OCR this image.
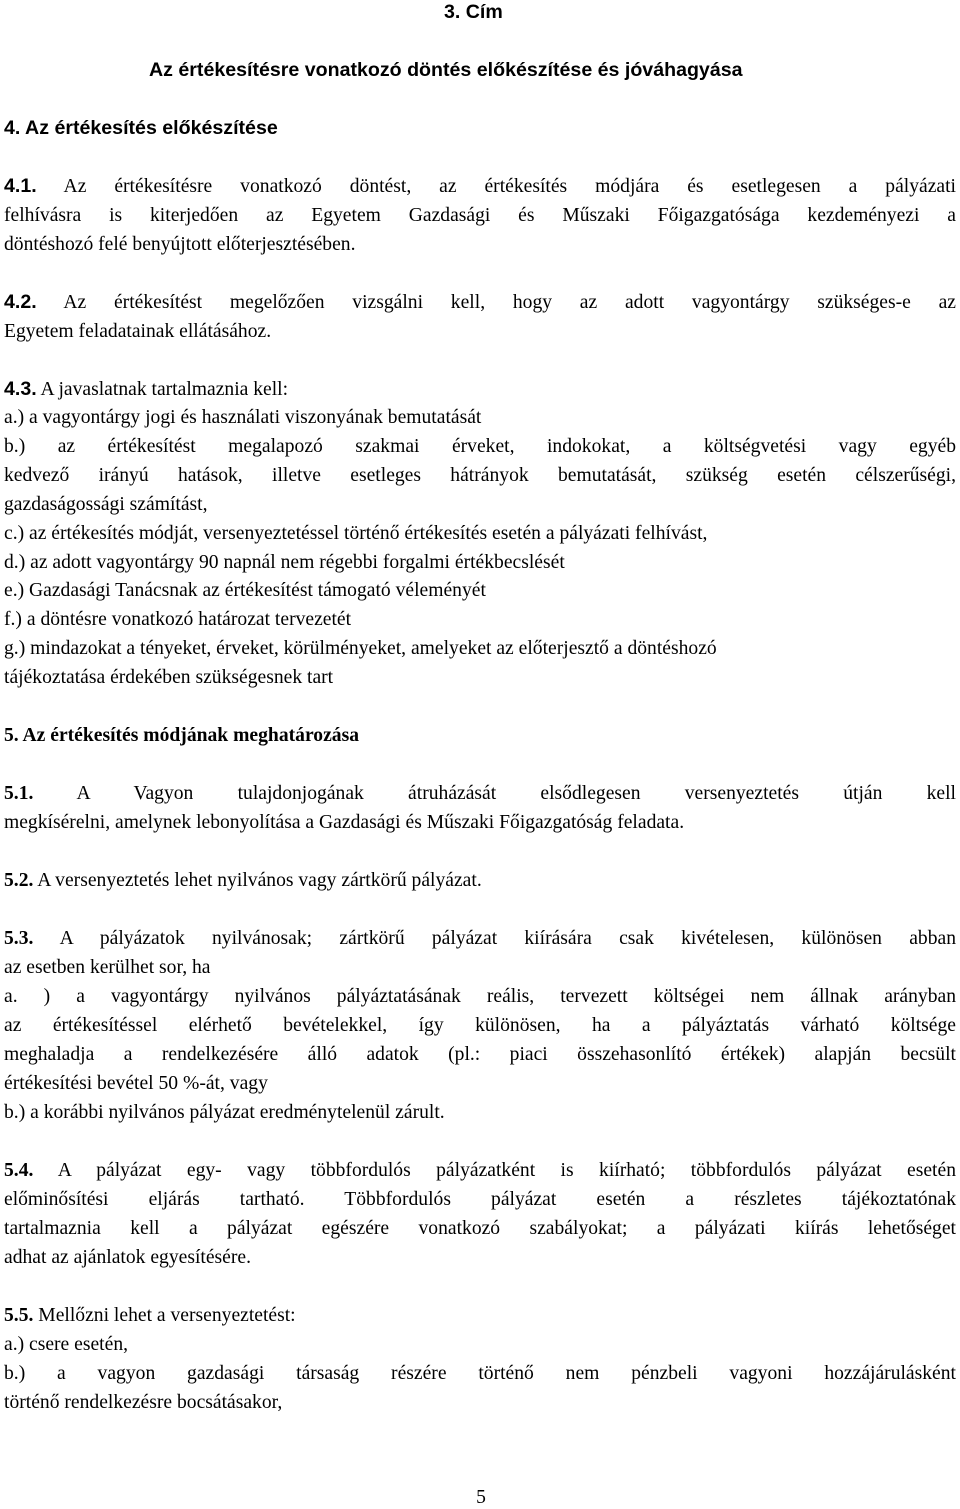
3. Cím
Az értékesítésre vonatkozó döntés előkészítése és jóváhagyása
4. Az értékesítés előkészítése
4.1. Az értékesítésre vonatkozó döntést, az értékesítés módjára és esetlegesen a pályázati
felhívásra is kiterjedően az Egyetem Gazdasági és Műszaki Főigazgatósága kezdeményezi a
döntéshozó felé benyújtott előterjesztésében.
4.2. Az értékesítést megelőzően vizsgálni kell, hogy az adott vagyontárgy szükséges-e az
Egyetem feladatainak ellátásához.
4.3. A javaslatnak tartalmaznia kell:
a.) a vagyontárgy jogi és használati viszonyának bemutatását
b.) az értékesítést megalapozó szakmai érveket, indokokat, a költségvetési vagy egyéb
kedvező irányú hatások, illetve esetleges hátrányok bemutatását, szükség esetén célszerűségi,
gazdaságossági számítást,
c.) az értékesítés módját, versenyeztetéssel történő értékesítés esetén a pályázati felhívást,
d.) az adott vagyontárgy 90 napnál nem régebbi forgalmi értékbecslését
e.) Gazdasági Tanácsnak az értékesítést támogató véleményét
f.) a döntésre vonatkozó határozat tervezetét
g.) mindazokat a tényeket, érveket, körülményeket, amelyeket az előterjesztő a döntéshozó
tájékoztatása érdekében szükségesnek tart
5. Az értékesítés módjának meghatározása
5.1. A Vagyon tulajdonjogának átruházását elsődlegesen versenyeztetés útján kell
megkísérelni, amelynek lebonyolítása a Gazdasági és Műszaki Főigazgatóság feladata.
5.2. A versenyeztetés lehet nyilvános vagy zártkörű pályázat.
5.3. A pályázatok nyilvánosak; zártkörű pályázat kiírására csak kivételesen, különösen abban
az esetben kerülhet sor, ha
a. ) a vagyontárgy nyilvános pályáztatásának reális, tervezett költségei nem állnak arányban
az értékesítéssel elérhető bevételekkel, így különösen, ha a pályáztatás várható költsége
meghaladja a rendelkezésére álló adatok (pl.: piaci összehasonlító értékek) alapján becsült
értékesítési bevétel 50 %-át, vagy
b.) a korábbi nyilvános pályázat eredménytelenül zárult.
5.4. A pályázat egy- vagy többfordulós pályázatként is kiírható; többfordulós pályázat esetén
előminősítési eljárás tartható. Többfordulós pályázat esetén a részletes tájékoztatónak
tartalmaznia kell a pályázat egészére vonatkozó szabályokat; a pályázati kiírás lehetőséget
adhat az ajánlatok egyesítésére.
5.5. Mellőzni lehet a versenyeztetést:
a.) csere esetén,
b.) a vagyon gazdasági társaság részére történő nem pénzbeli vagyoni hozzájárulásként
történő rendelkezésre bocsátásakor,
5
